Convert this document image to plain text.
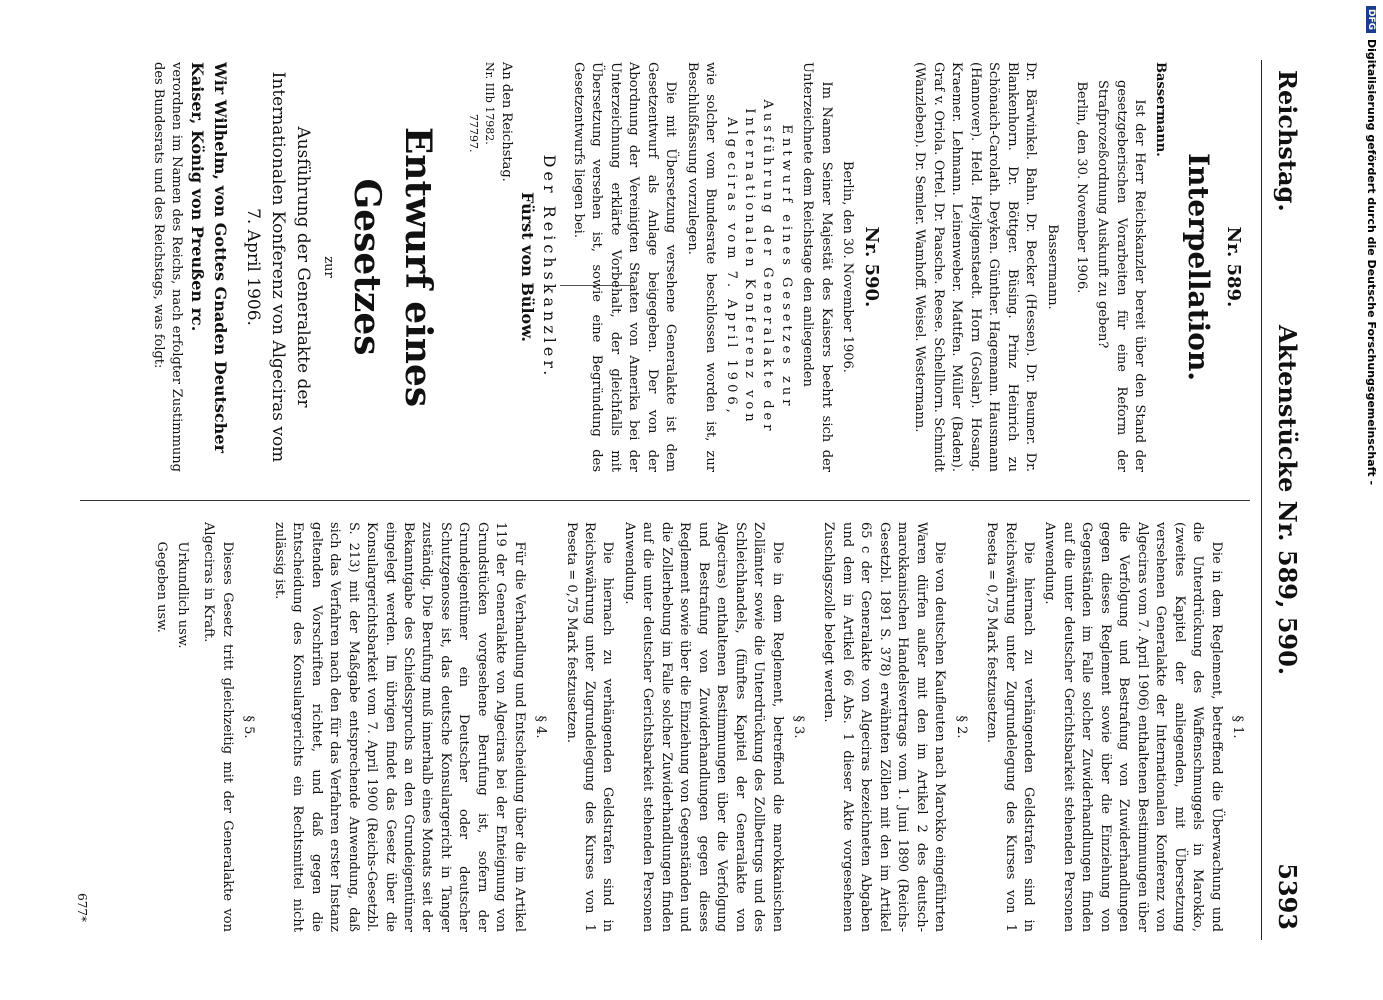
Reichstag.
Aktenstücke Nr. 589, 590.
5393
Nr. 589.
Interpellation.
Bassermann.
Ist der Herr Reichskanzler bereit über den Stand der gesetzgeberischen Vorarbeiten für eine Reform der Strafprozeßordnung Auskunft zu geben?
Berlin, den 30. November 1906.
Bassermann.
Dr. Bärwinkel. Bahn. Dr. Becker (Hessen). Dr. Beumer. Dr. Blankenhorn. Dr. Böttger. Büsing. Prinz Heinrich zu Schönaich-Carolath. Deyken. Günther. Hagemann. Hausmann (Hannover). Held. Heyligenstaedt. Horn (Goslar). Hosang. Kraemer. Lehmann. Leinenweber. Mattfen. Müller (Baden). Graf v. Oriola. Ortel. Dr. Paasche. Reese. Schellhorn. Schmidt (Wanzleben). Dr. Semler. Wamhoff. Weisel. Westermann.
Nr. 590.
Berlin, den 30. November 1906.
Im Namen Seiner Majestät des Kaisers beehrt sich der Unterzeichnete dem Reichstage den anliegenden
Entwurf eines Gesetzes zur Ausführung der Generalakte der Internationalen Konferenz von Algeciras vom 7. April 1906,
wie solcher vom Bundesrate beschlossen worden ist, zur Beschlußfassung vorzulegen.
Die mit Übersetzung versehene Generalakte ist dem Gesetzentwurf als Anlage beigegeben. Der von der Abordnung der Vereinigten Staaten von Amerika bei der Unterzeichnung erklärte Vorbehalt, der gleichfalls mit Übersetzung versehen ist, sowie eine Begründung des Gesetzentwurfs liegen bei.
Der Reichskanzler.
Fürst von Bülow.
An den Reichstag.
Nr. IIIb 17982.
77797.
Entwurf eines Gesetzes
zur
Ausführung der Generalakte der Internationalen Konferenz von Algeciras vom 7. April 1906.
Wir Wilhelm, von Gottes Gnaden Deutscher Kaiser, König von Preußen rc.
verordnen im Namen des Reichs, nach erfolgter Zustimmung des Bundesrats und des Reichstags, was folgt:
§ 1.
Die in dem Reglement, betreffend die Überwachung und die Unterdrückung des Waffenschmuggels in Marokko, (zweites Kapitel der anliegenden, mit Übersetzung versehenen Generalakte der Internationalen Konferenz von Algeciras vom 7. April 1906) enthaltenen Bestimmungen über die Verfolgung und Bestrafung von Zuwiderhandlungen gegen dieses Reglement sowie über die Einziehung von Gegenständen im Falle solcher Zuwiderhandlungen finden auf die unter deutscher Gerichtsbarkeit stehenden Personen Anwendung.
Die hiernach zu verhängenden Geldstrafen sind in Reichswährung unter Zugrundelegung des Kurses von 1 Peseta = 0,75 Mark festzusetzen.
§ 2.
Die von deutschen Kaufleuten nach Marokko eingeführten Waren dürfen außer mit den im Artikel 2 des deutsch-marokkanischen Handelsvertrags vom 1. Juni 1890 (Reichs-Gesetzbl. 1891 S. 378) erwähnten Zöllen mit den im Artikel 65 c der Generalakte von Algeciras bezeichneten Abgaben und dem in Artikel 66 Abs. 1 dieser Akte vorgesehenen Zuschlagszolle belegt werden.
§ 3.
Die in dem Reglement, betreffend die marokkanischen Zollämter sowie die Unterdrückung des Zollbetrugs und des Schleichhandels, (fünftes Kapitel der Generalakte von Algeciras) enthaltenen Bestimmungen über die Verfolgung und Bestrafung von Zuwiderhandlungen gegen dieses Reglement sowie über die Einziehung von Gegenständen und die Zollerhebung im Falle solcher Zuwiderhandlungen finden auf die unter deutscher Gerichtsbarkeit stehenden Personen Anwendung.
Die hiernach zu verhängenden Geldstrafen sind in Reichswährung unter Zugrundelegung des Kurses von 1 Peseta = 0,75 Mark festzusetzen.
§ 4.
Für die Verhandlung und Entscheidung über die im Artikel 119 der Generalakte von Algeciras bei der Enteignung von Grundstücken vorgesehene Berufung ist, sofern der Grundeigentümer ein Deutscher oder deutscher Schutzgenosse ist, das deutsche Konsulargericht in Tanger zuständig. Die Berufung muß innerhalb eines Monats seit der Bekanntgabe des Schiedsspruchs an den Grundeigentümer eingelegt werden. Im übrigen findet das Gesetz über die Konsulargerichtsbarkeit vom 7. April 1900 (Reichs-Gesetzbl. S. 213) mit der Maßgabe entsprechende Anwendung, daß sich das Verfahren nach den für das Verfahren erster Instanz geltenden Vorschriften richtet, und daß gegen die Entscheidung des Konsulargerichts ein Rechtsmittel nicht zulässig ist.
§ 5.
Dieses Gesetz tritt gleichzeitig mit der Generalakte von Algeciras in Kraft.
Urkundlich usw.
Gegeben usw.
677*
DFG
Digitalisierung gefördert durch die Deutsche Forschungsgemeinschaft -
